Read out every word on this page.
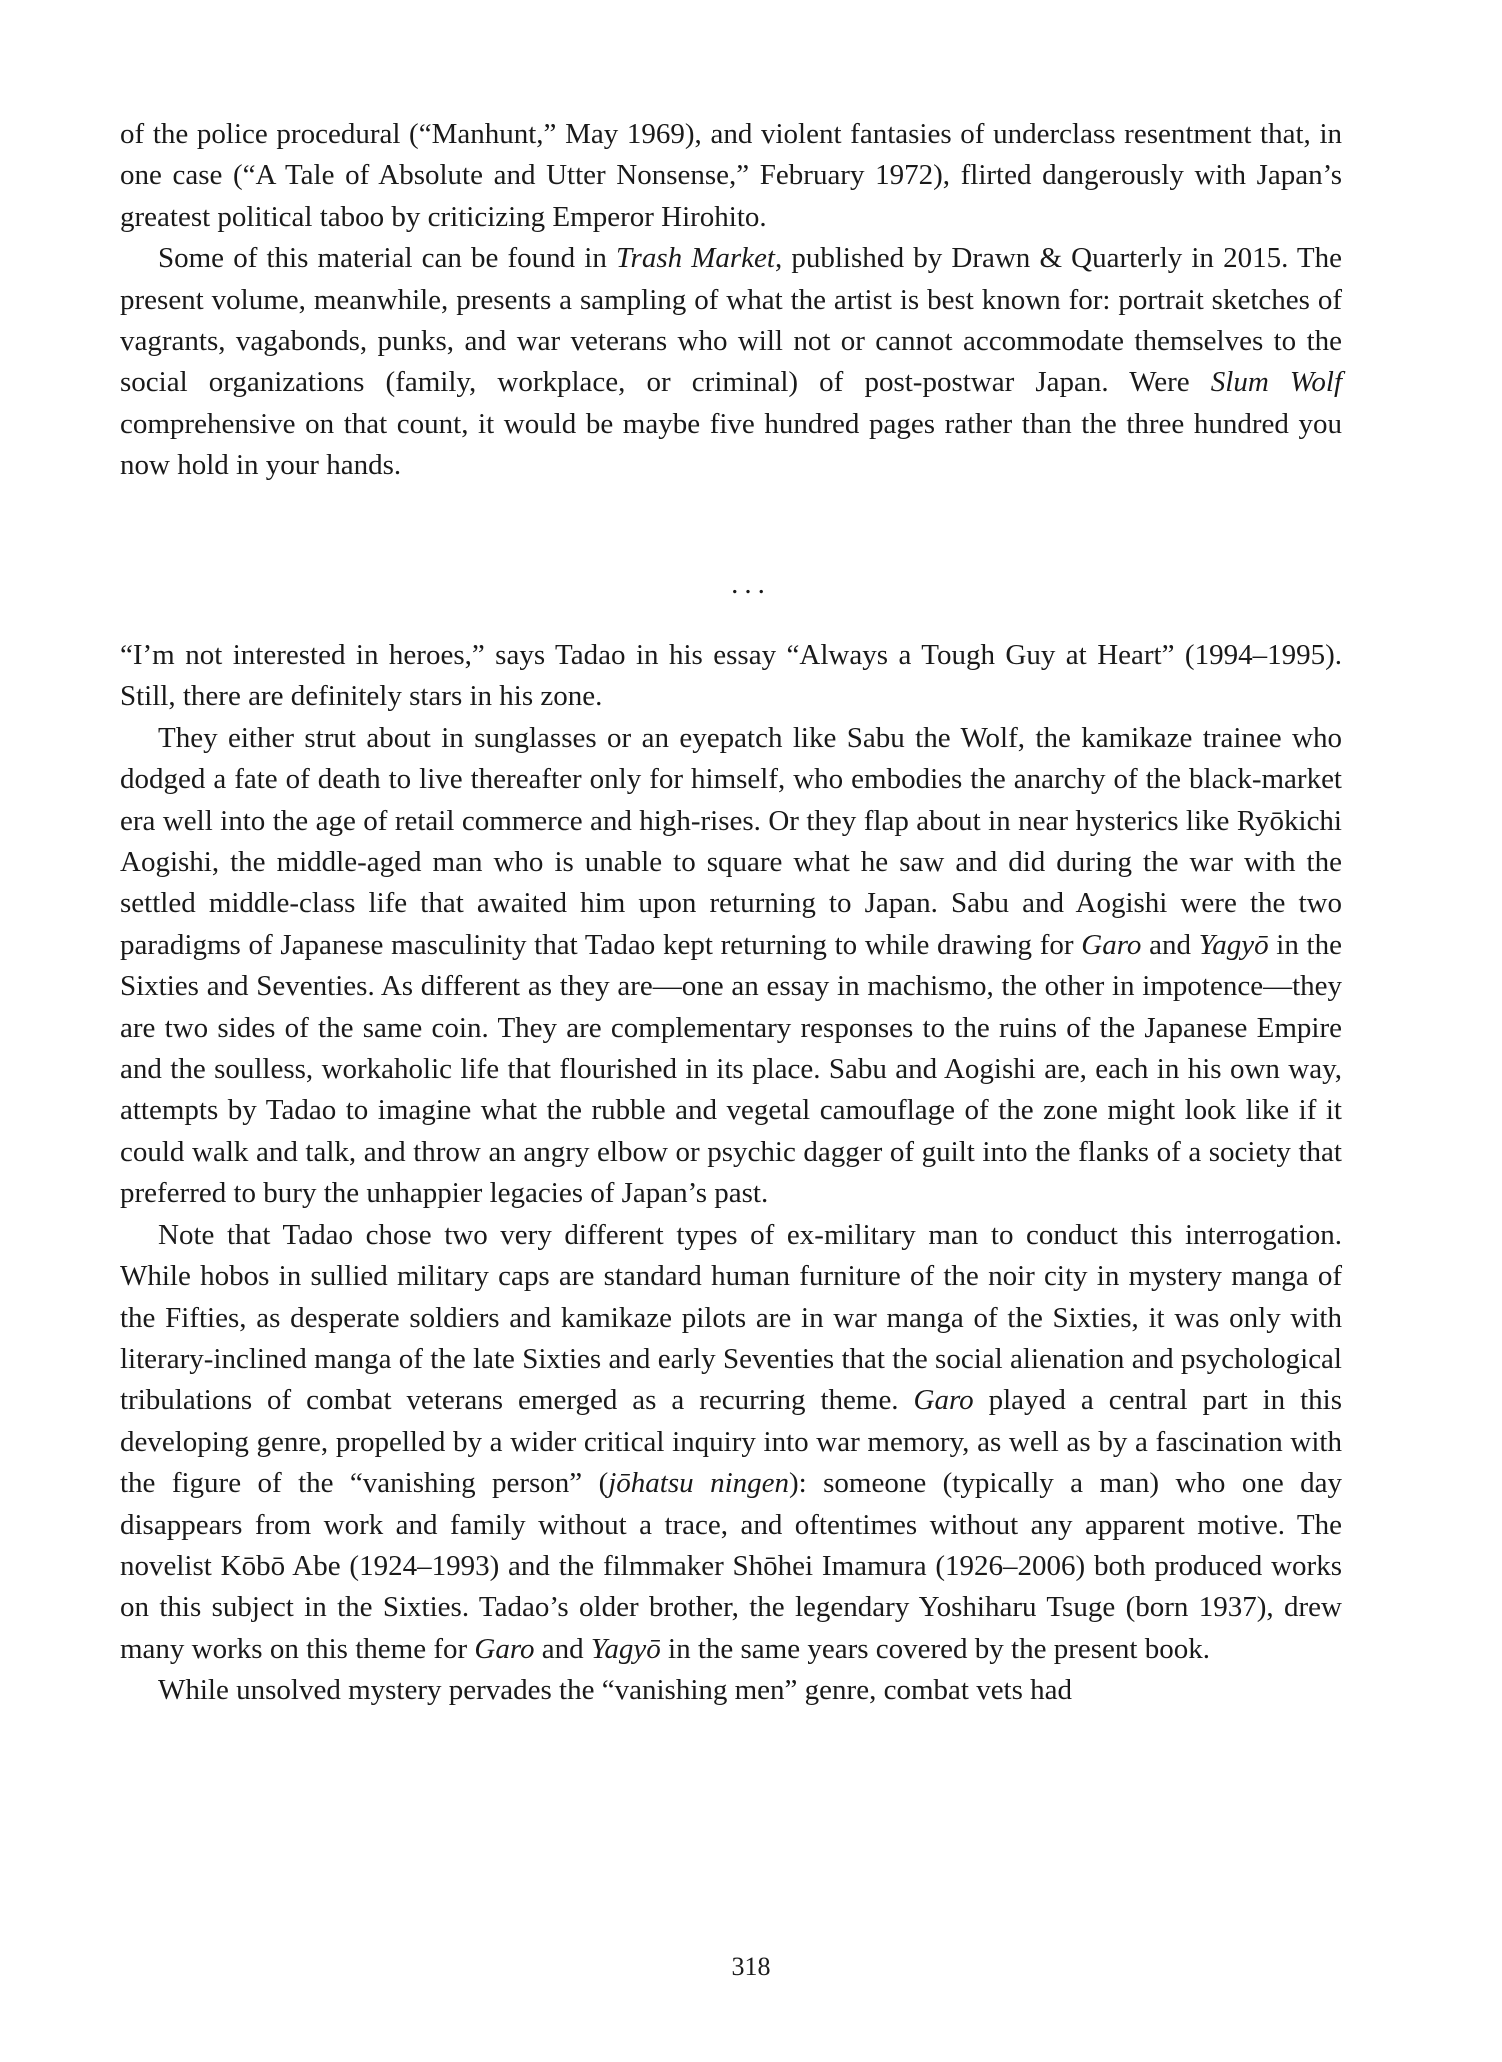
of the police procedural (“Manhunt,” May 1969), and violent fantasies of underclass resentment that, in one case (“A Tale of Absolute and Utter Nonsense,” February 1972), flirted dangerously with Japan’s greatest political taboo by criticizing Emperor Hirohito.

Some of this material can be found in Trash Market, published by Drawn & Quarterly in 2015. The present volume, meanwhile, presents a sampling of what the artist is best known for: portrait sketches of vagrants, vagabonds, punks, and war veterans who will not or cannot accommodate themselves to the social organizations (family, workplace, or criminal) of post-postwar Japan. Were Slum Wolf comprehensive on that count, it would be maybe five hundred pages rather than the three hundred you now hold in your hands.

...

“I’m not interested in heroes,” says Tadao in his essay “Always a Tough Guy at Heart” (1994–1995). Still, there are definitely stars in his zone.

They either strut about in sunglasses or an eyepatch like Sabu the Wolf, the kamikaze trainee who dodged a fate of death to live thereafter only for himself, who embodies the anarchy of the black-market era well into the age of retail commerce and high-rises. Or they flap about in near hysterics like Ryōkichi Aogishi, the middle-aged man who is unable to square what he saw and did during the war with the settled middle-class life that awaited him upon returning to Japan. Sabu and Aogishi were the two paradigms of Japanese masculinity that Tadao kept returning to while drawing for Garo and Yagyō in the Sixties and Seventies. As different as they are—one an essay in machismo, the other in impotence—they are two sides of the same coin. They are complementary responses to the ruins of the Japanese Empire and the soulless, workaholic life that flourished in its place. Sabu and Aogishi are, each in his own way, attempts by Tadao to imagine what the rubble and vegetal camouflage of the zone might look like if it could walk and talk, and throw an angry elbow or psychic dagger of guilt into the flanks of a society that preferred to bury the unhappier legacies of Japan’s past.

Note that Tadao chose two very different types of ex-military man to conduct this interrogation. While hobos in sullied military caps are standard human furniture of the noir city in mystery manga of the Fifties, as desperate soldiers and kamikaze pilots are in war manga of the Sixties, it was only with literary-inclined manga of the late Sixties and early Seventies that the social alienation and psychological tribulations of combat veterans emerged as a recurring theme. Garo played a central part in this developing genre, propelled by a wider critical inquiry into war memory, as well as by a fascination with the figure of the “vanishing person” (jōhatsu ningen): someone (typically a man) who one day disappears from work and family without a trace, and oftentimes without any apparent motive. The novelist Kōbō Abe (1924–1993) and the filmmaker Shōhei Imamura (1926–2006) both produced works on this subject in the Sixties. Tadao’s older brother, the legendary Yoshiharu Tsuge (born 1937), drew many works on this theme for Garo and Yagyō in the same years covered by the present book.

While unsolved mystery pervades the “vanishing men” genre, combat vets had

318
